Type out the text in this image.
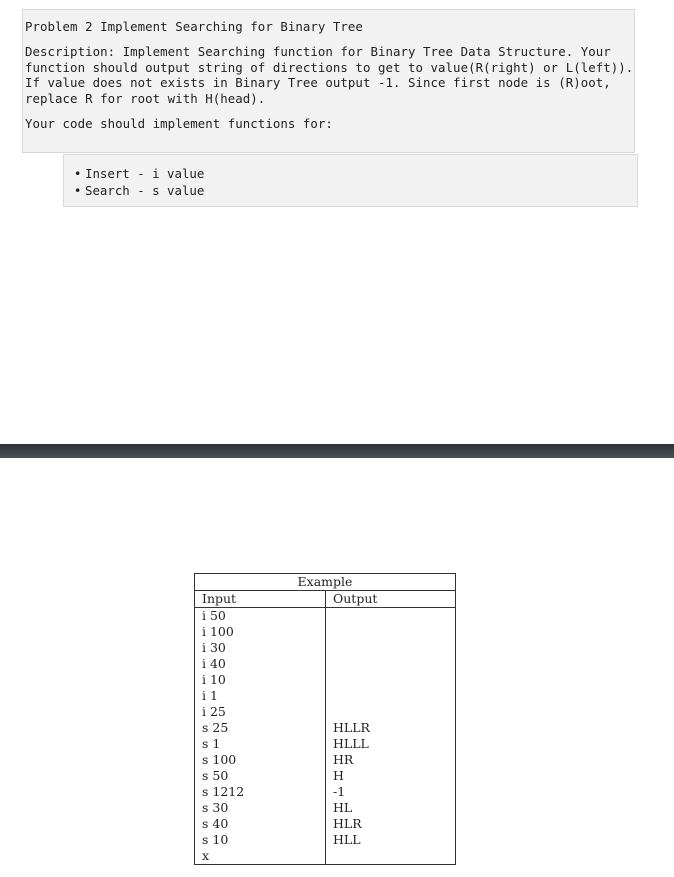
Problem 2 Implement Searching for Binary Tree
Description: Implement Searching function for Binary Tree Data Structure. Your
function should output string of directions to get to value(R(right) or L(left)).
If value does not exists in Binary Tree output -1. Since first node is (R)oot,
replace R for root with H(head).
Your code should implement functions for:
• Insert - i value
• Search - s value
Example	
Input	Output
i 50	
i 100	
i 30	
i 40	
i 10	
i 1	
i 25	
s 25	HLLR
s 1	HLLL
s 100	HR
s 50	H
s 1212	-1
s 30	HL
s 40	HLR
s 10	HLL
x	
